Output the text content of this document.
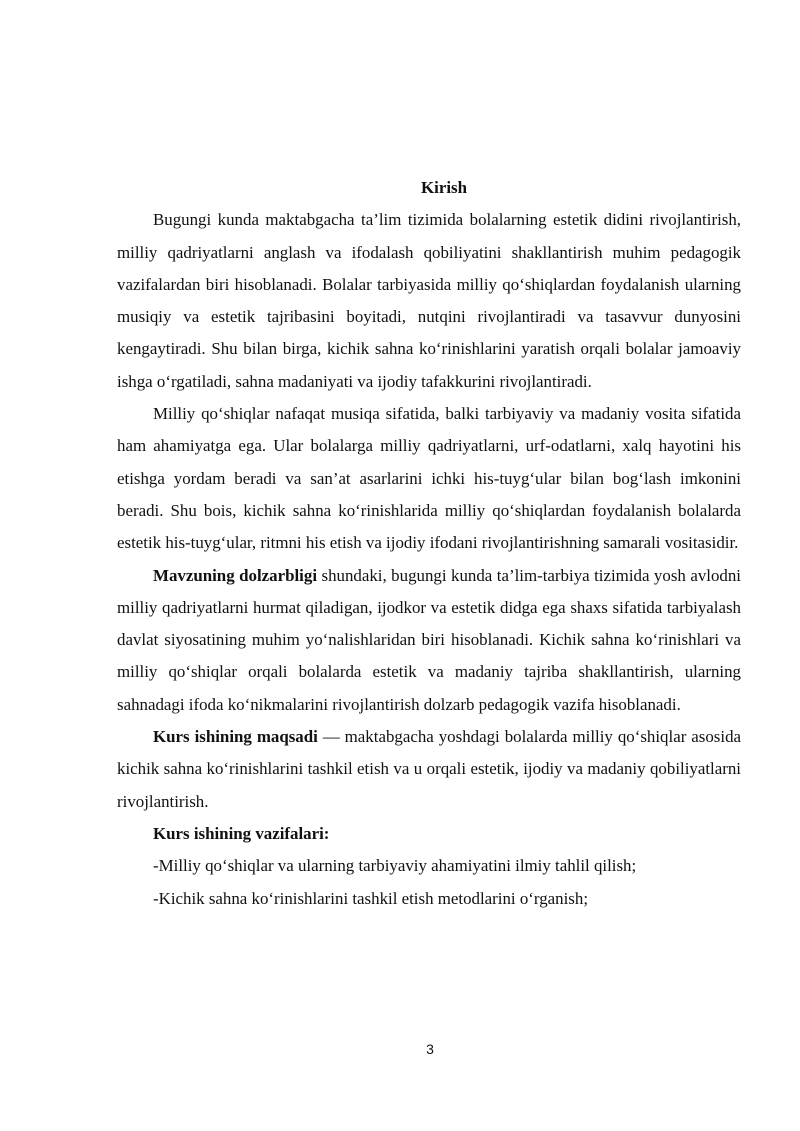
Kirish

Bugungi kunda maktabgacha ta’lim tizimida bolalarning estetik didini rivojlantirish, milliy qadriyatlarni anglash va ifodalash qobiliyatini shakllantirish muhim pedagogik vazifalardan biri hisoblanadi. Bolalar tarbiyasida milliy qo‘shiqlardan foydalanish ularning musiqiy va estetik tajribasini boyitadi, nutqini rivojlantiradi va tasavvur dunyosini kengaytiradi. Shu bilan birga, kichik sahna ko‘rinishlarini yaratish orqali bolalar jamoaviy ishga o‘rgatiladi, sahna madaniyati va ijodiy tafakkurini rivojlantiradi.

Milliy qo‘shiqlar nafaqat musiqa sifatida, balki tarbiyaviy va madaniy vosita sifatida ham ahamiyatga ega. Ular bolalarga milliy qadriyatlarni, urf-odatlarni, xalq hayotini his etishga yordam beradi va san’at asarlarini ichki his-tuyg‘ular bilan bog‘lash imkonini beradi. Shu bois, kichik sahna ko‘rinishlarida milliy qo‘shiqlardan foydalanish bolalarda estetik his-tuyg‘ular, ritmni his etish va ijodiy ifodani rivojlantirishning samarali vositasidir.

Mavzuning dolzarbligi shundaki, bugungi kunda ta’lim-tarbiya tizimida yosh avlodni milliy qadriyatlarni hurmat qiladigan, ijodkor va estetik didga ega shaxs sifatida tarbiyalash davlat siyosatining muhim yo‘nalishlaridan biri hisoblanadi. Kichik sahna ko‘rinishlari va milliy qo‘shiqlar orqali bolalarda estetik va madaniy tajriba shakllantirish, ularning sahnadagi ifoda ko‘nikmalarini rivojlantirish dolzarb pedagogik vazifa hisoblanadi.

Kurs ishining maqsadi — maktabgacha yoshdagi bolalarda milliy qo‘shiqlar asosida kichik sahna ko‘rinishlarini tashkil etish va u orqali estetik, ijodiy va madaniy qobiliyatlarni rivojlantirish.

Kurs ishining vazifalari:

-Milliy qo‘shiqlar va ularning tarbiyaviy ahamiyatini ilmiy tahlil qilish;

-Kichik sahna ko‘rinishlarini tashkil etish metodlarini o‘rganish;

3
